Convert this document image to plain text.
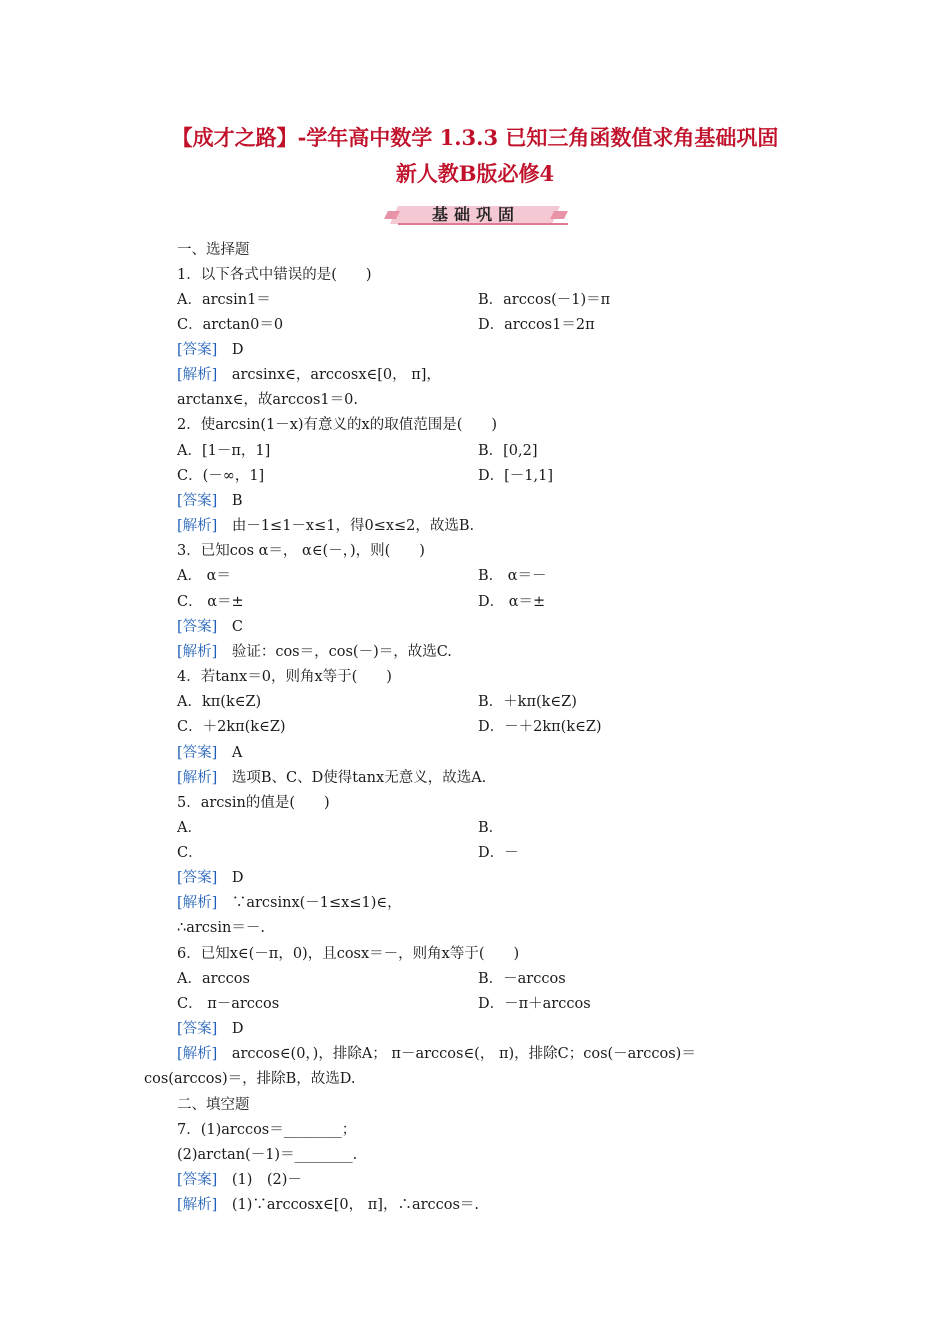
【成才之路】-学年高中数学 1.3.3 已知三角函数值求角基础巩固
新人教B版必修4
基础巩固
一、选择题
1．以下各式中错误的是(　　)
A．arcsin1＝	B．arccos(－1)＝π
C．arctan0＝0	D．arccos1＝2π
[答案]　 D
[解析]　 arcsinx∈，arccosx∈[0， π]，
arctanx∈，故arccos1＝0.
2．使arcsin(1－x)有意义的x的取值范围是(　　)
A．[1－π，1]	B．[0,2]
C．(－∞，1]	D．[－1,1]
[答案]　 B
[解析]　 由－1≤1－x≤1，得0≤x≤2，故选B.
3．已知cos α＝， α∈(－，)，则(　　)
A． α＝	B． α＝－
C． α＝±	D． α＝±
[答案]　 C
[解析]　 验证：cos＝，cos(－)＝，故选C.
4．若tanx＝0，则角x等于(　　)
A．kπ(k∈Z)	B．＋kπ(k∈Z)
C．＋2kπ(k∈Z)	D．－＋2kπ(k∈Z)
[答案]　 A
[解析]　 选项B、C、D使得tanx无意义，故选A.
5．arcsin的值是(　　)
A．	B．
C．	D．－
[答案]　 D
[解析]　 ∵arcsinx(－1≤x≤1)∈，
∴arcsin＝－.
6．已知x∈(－π，0)，且cosx＝－，则角x等于(　　)
A．arccos	B．－arccos
C． π－arccos	D．－π＋arccos
[答案]　 D
[解析]　 arccos∈(0，)，排除A； π－arccos∈(， π)，排除C；cos(－arccos)＝
cos(arccos)＝，排除B，故选D.
二、填空题
7．(1)arccos＝________；
(2)arctan(－1)＝________.
[答案]　 (1)　(2)－
[解析]　 (1)∵arccosx∈[0， π]，∴arccos＝.
